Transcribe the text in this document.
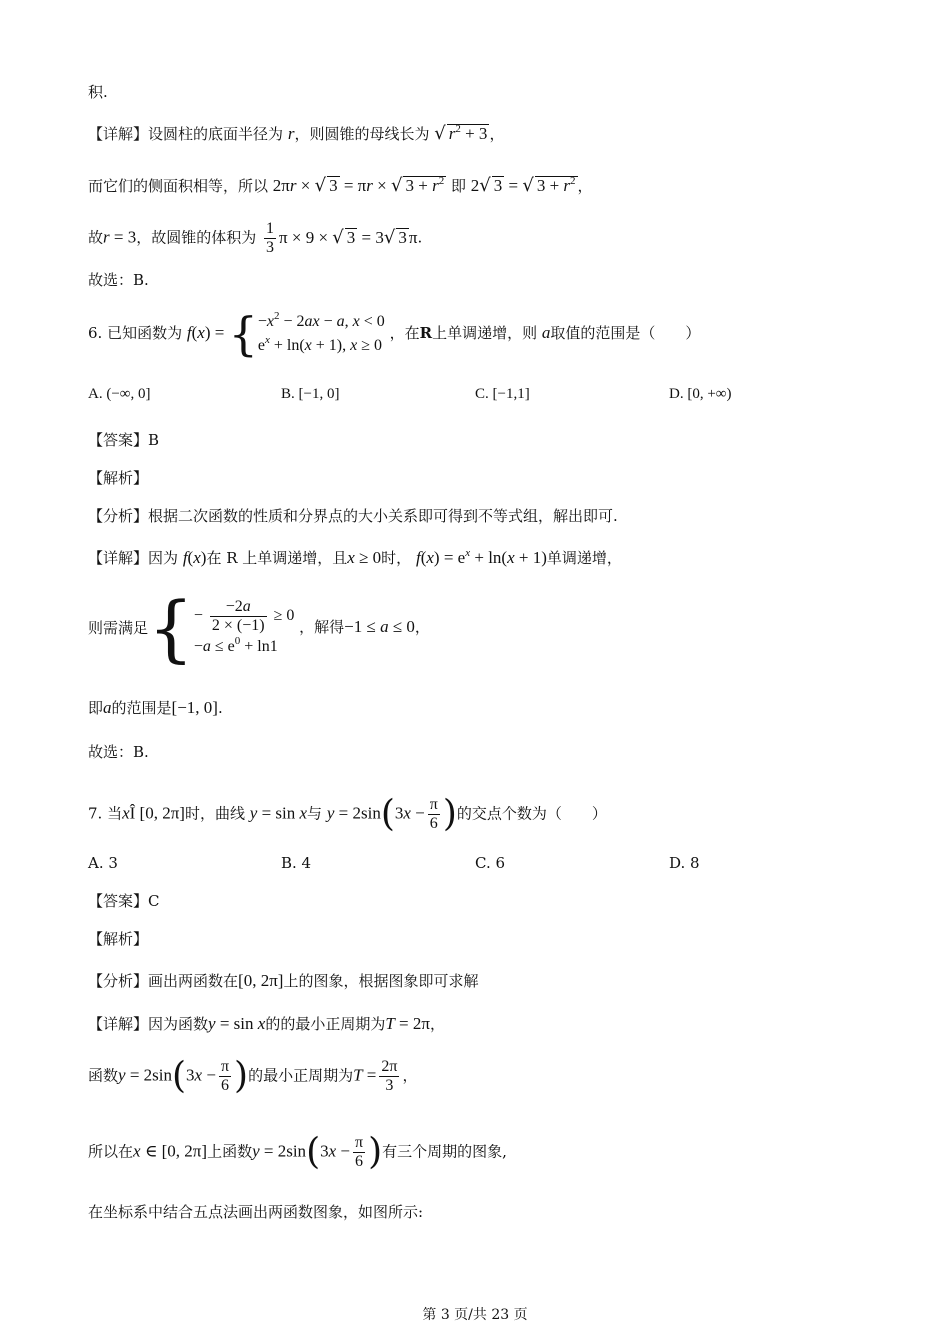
积.
【详解】设圆柱的底面半径为 r，则圆锥的母线长为 √ $r^2 + 3$ ，
而它们的侧面积相等，所以 2πr × √ 3 = πr × √ $3 + r^2$ 即 2√ 3 = √ $3 + r^2$ ，
故r = 3，故圆锥的体积为 $\frac{1}{3}$ π × 9 × √ 3 = 3√ 3 π.
故选：B.
6. 已知函数为 f(x) = { $-x^2 - 2ax - a$, x < 0
$e^x + \ln(x + 1)$, x ≥ 0
，在R上单调递增，则 a取值的范围是（　　）
A. (−∞, 0]	B. [−1, 0]	C. [−1,1]	D. [0, +∞)
【答案】B
【解析】
【分析】根据二次函数的性质和分界点的大小关系即可得到不等式组，解出即可.
【详解】因为 f(x)在 R 上单调递增，且x ≥ 0时， $f(x) = e^x + \ln(x + 1)$单调递增，
则需满足{ − $\frac{-2a}{2 \times (-1)} \ge 0$
$-a \le e^0 + \ln 1$
，解得−1 ≤ a ≤ 0，
即a的范围是[−1, 0].
故选：B.
7. 当xÎ [0, 2π]时，曲线 y = sin x与 $y = 2\sin(3x - \frac{\pi}{6}$ )的交点个数为（　　）
A. 3	B. 4	C. 6	D. 8
【答案】C
【解析】
【分析】画出两函数在[0, 2π]上的图象，根据图象即可求解
【详解】因为函数y = sin x的的最小正周期为T = 2π，
函数$y = 2\sin(3x - \frac{\pi}{6}$ )的最小正周期为$T = \frac{2\pi}{3}$ ，
所以在x ∈ [0, 2π]上函数$y = 2\sin(3x - \frac{\pi}{6}$ )有三个周期的图象,
在坐标系中结合五点法画出两函数图象，如图所示:
第 3 页/共 23 页
